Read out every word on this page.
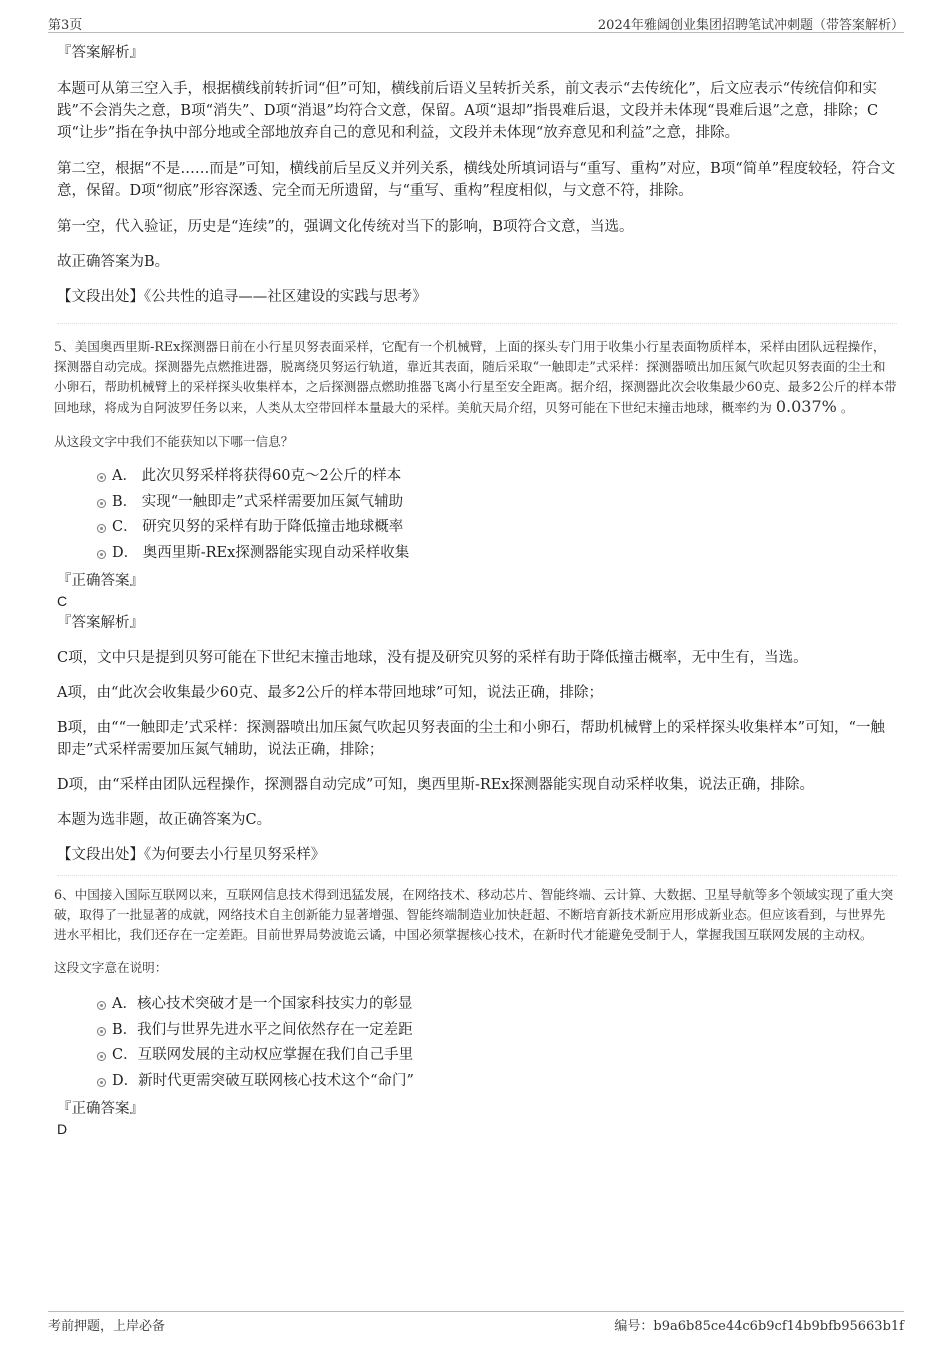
第3页	2024年雅阔创业集团招聘笔试冲刺题（带答案解析）

『答案解析』

本题可从第三空入手，根据横线前转折词“但”可知，横线前后语义呈转折关系，前文表示“去传统化”，后文应表示“传统信仰和实践”不会消失之意，B项“消失”、D项“消退”均符合文意，保留。A项“退却”指畏难后退，文段并未体现“畏难后退”之意，排除；C项“让步”指在争执中部分地或全部地放弃自己的意见和利益，文段并未体现“放弃意见和利益”之意，排除。

第二空，根据“不是……而是”可知，横线前后呈反义并列关系，横线处所填词语与“重写、重构”对应，B项“简单”程度较轻，符合文意，保留。D项“彻底”形容深透、完全而无所遗留，与“重写、重构”程度相似，与文意不符，排除。

第一空，代入验证，历史是“连续”的，强调文化传统对当下的影响，B项符合文意，当选。

故正确答案为B。

【文段出处】《公共性的追寻——社区建设的实践与思考》

5、美国奥西里斯-REx探测器日前在小行星贝努表面采样，它配有一个机械臂，上面的探头专门用于收集小行星表面物质样本，采样由团队远程操作，探测器自动完成。探测器先点燃推进器，脱离绕贝努运行轨道，靠近其表面，随后采取“一触即走”式采样：探测器喷出加压氮气吹起贝努表面的尘土和小卵石，帮助机械臂上的采样探头收集样本，之后探测器点燃助推器飞离小行星至安全距离。据介绍，探测器此次会收集最少60克、最多2公斤的样本带回地球，将成为自阿波罗任务以来，人类从太空带回样本量最大的采样。美航天局介绍，贝努可能在下世纪末撞击地球，概率约为 0.037% 。

从这段文字中我们不能获知以下哪一信息？

A． 此次贝努采样将获得60克～2公斤的样本
B． 实现“一触即走”式采样需要加压氮气辅助
C． 研究贝努的采样有助于降低撞击地球概率
D． 奥西里斯-REx探测器能实现自动采样收集

『正确答案』

C

『答案解析』

C项，文中只是提到贝努可能在下世纪末撞击地球，没有提及研究贝努的采样有助于降低撞击概率，无中生有，当选。

A项，由“此次会收集最少60克、最多2公斤的样本带回地球”可知，说法正确，排除；

B项，由““一触即走’式采样：探测器喷出加压氮气吹起贝努表面的尘土和小卵石，帮助机械臂上的采样探头收集样本”可知，“一触即走”式采样需要加压氮气辅助，说法正确，排除；

D项，由“采样由团队远程操作，探测器自动完成”可知，奥西里斯-REx探测器能实现自动采样收集，说法正确，排除。

本题为选非题，故正确答案为C。

【文段出处】《为何要去小行星贝努采样》

6、中国接入国际互联网以来，互联网信息技术得到迅猛发展，在网络技术、移动芯片、智能终端、云计算、大数据、卫星导航等多个领域实现了重大突破，取得了一批显著的成就，网络技术自主创新能力显著增强、智能终端制造业加快赶超、不断培育新技术新应用形成新业态。但应该看到，与世界先进水平相比，我们还存在一定差距。目前世界局势波诡云谲，中国必须掌握核心技术，在新时代才能避免受制于人，掌握我国互联网发展的主动权。

这段文字意在说明：

A．核心技术突破才是一个国家科技实力的彰显
B．我们与世界先进水平之间依然存在一定差距
C．互联网发展的主动权应掌握在我们自己手里
D．新时代更需突破互联网核心技术这个“命门”

『正确答案』

D

考前押题，上岸必备	编号：b9a6b85ce44c6b9cf14b9bfb95663b1f
